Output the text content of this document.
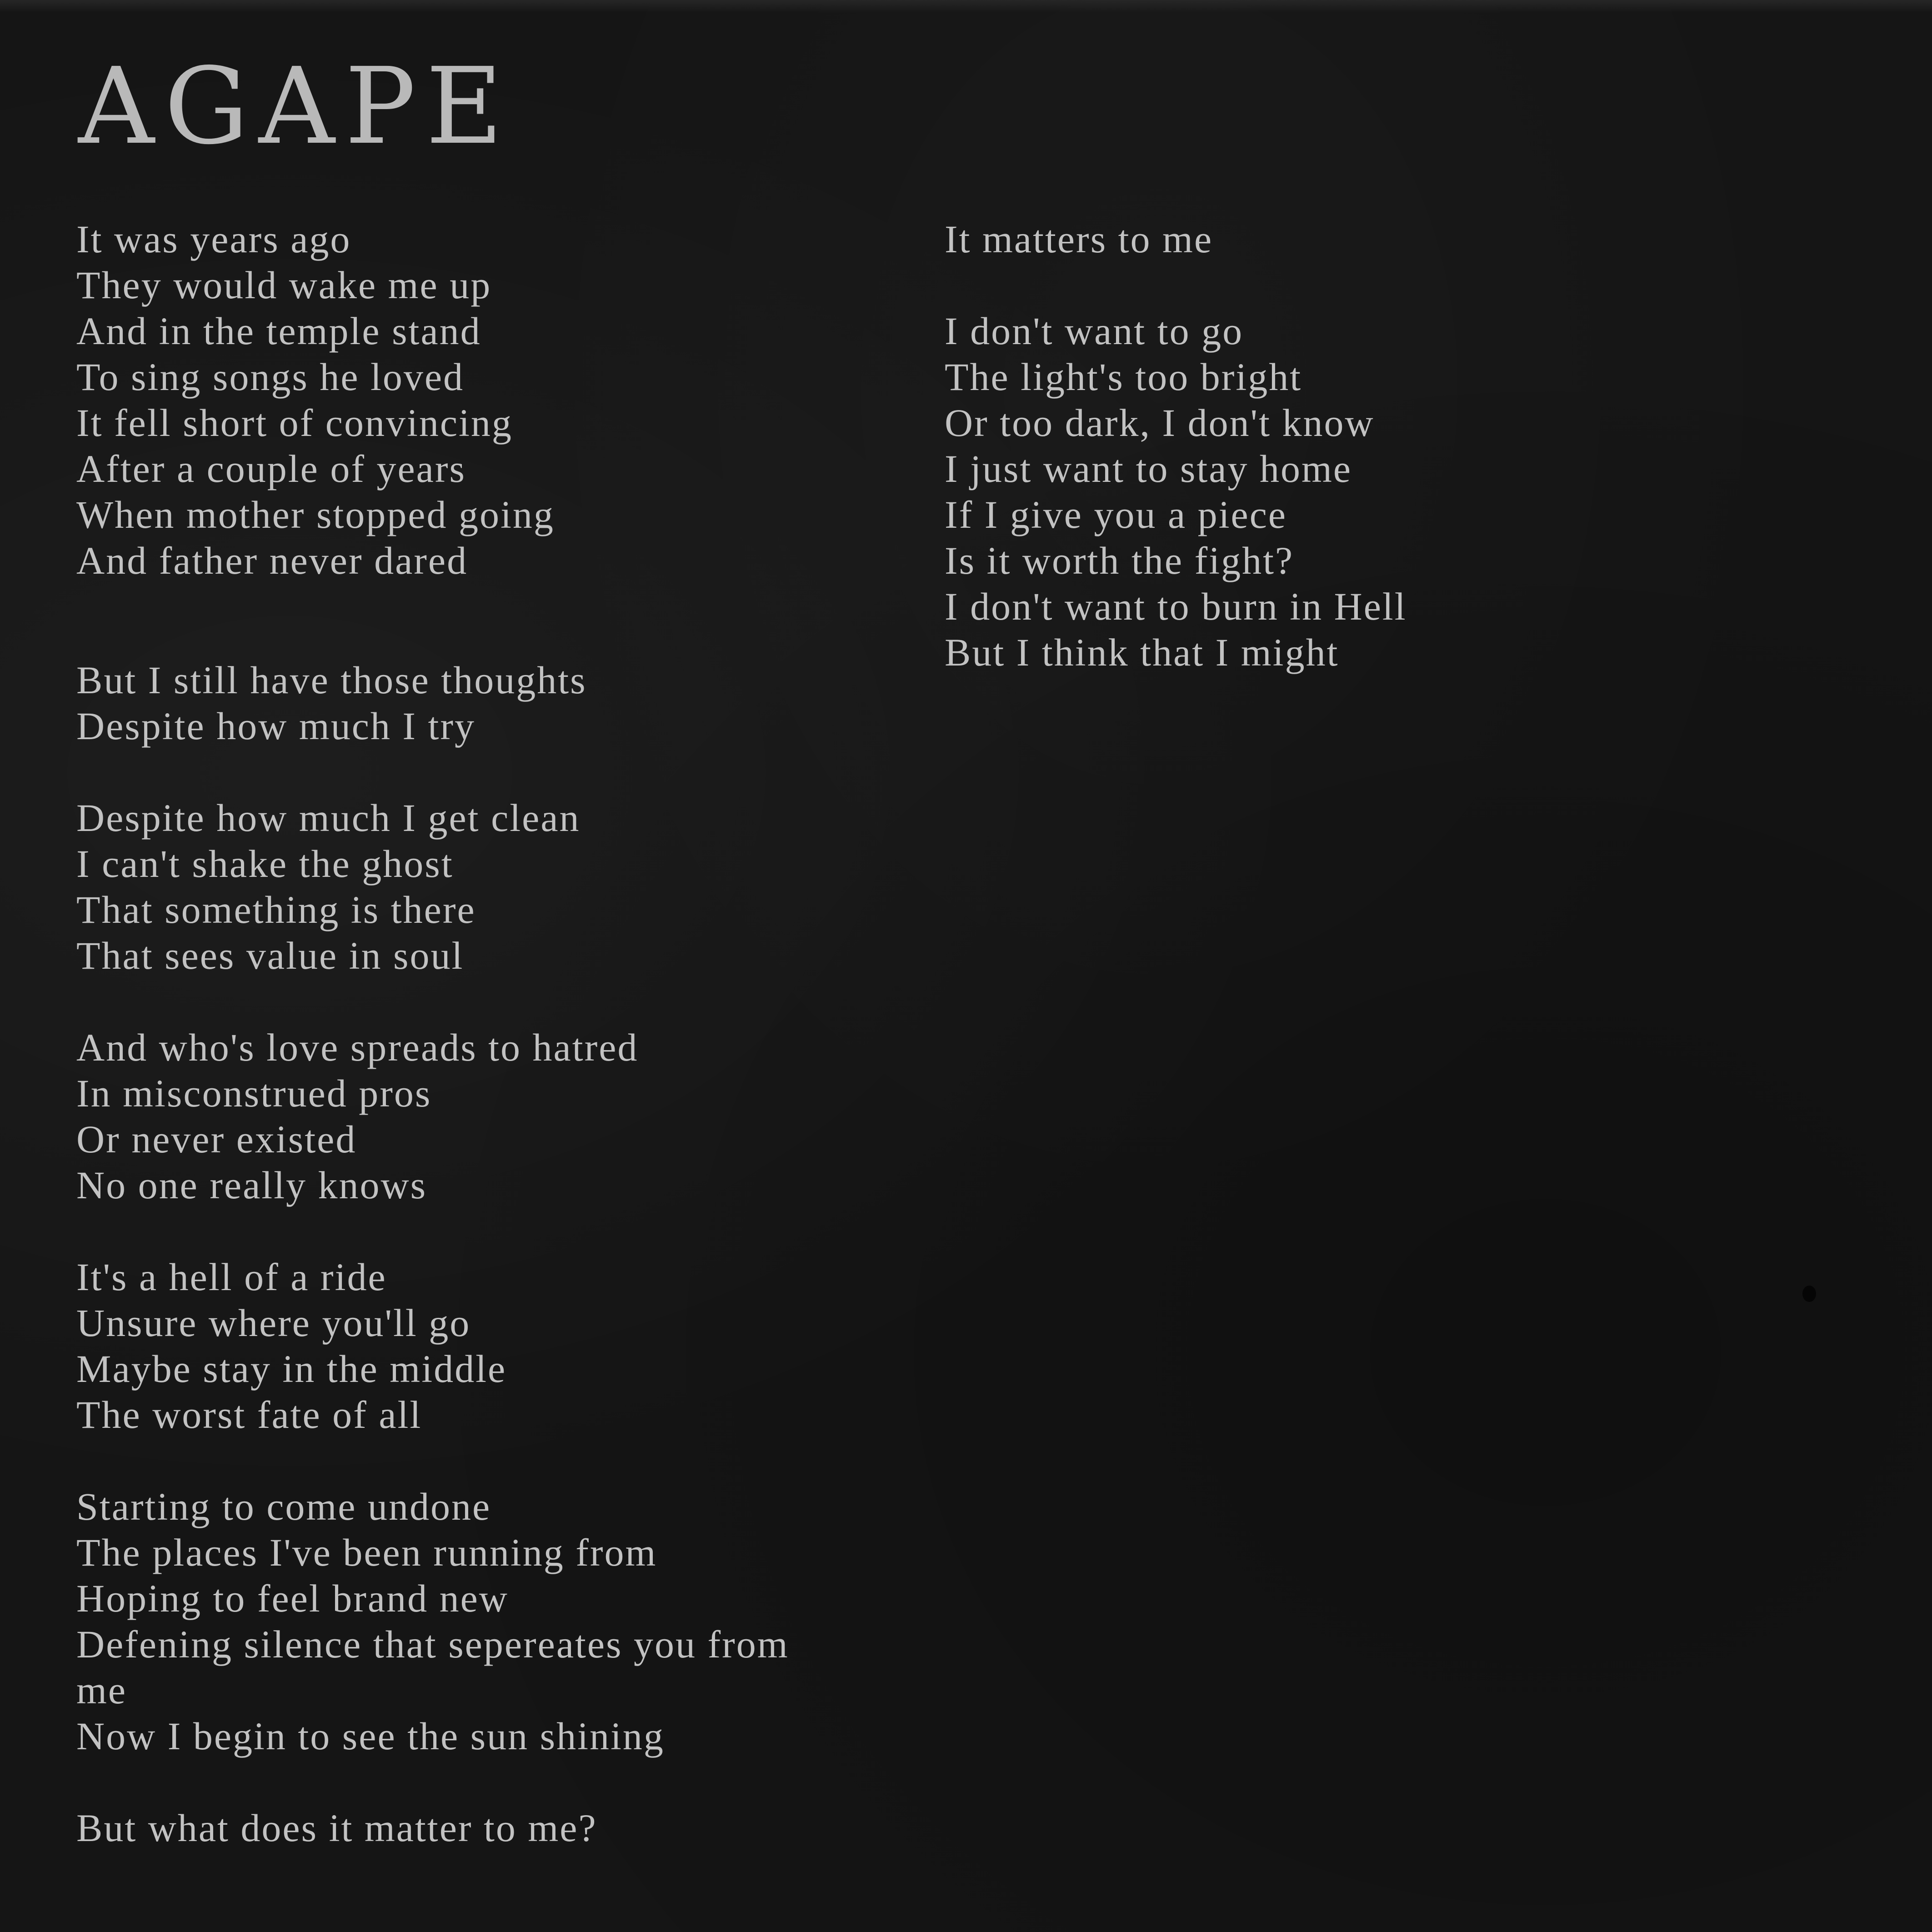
AGAPE
It was years ago
They would wake me up
And in the temple stand
To sing songs he loved
It fell short of convincing
After a couple of years
When mother stopped going
And father never dared
But I still have those thoughts
Despite how much I try
Despite how much I get clean
I can't shake the ghost
That something is there
That sees value in soul
And who's love spreads to hatred
In misconstrued pros
Or never existed
No one really knows
It's a hell of a ride
Unsure where you'll go
Maybe stay in the middle
The worst fate of all
Starting to come undone
The places I've been running from
Hoping to feel brand new
Defening silence that sepereates you from
me
Now I begin to see the sun shining
But what does it matter to me?
It matters to me
I don't want to go
The light's too bright
Or too dark, I don't know
I just want to stay home
If I give you a piece
Is it worth the fight?
I don't want to burn in Hell
But I think that I might
